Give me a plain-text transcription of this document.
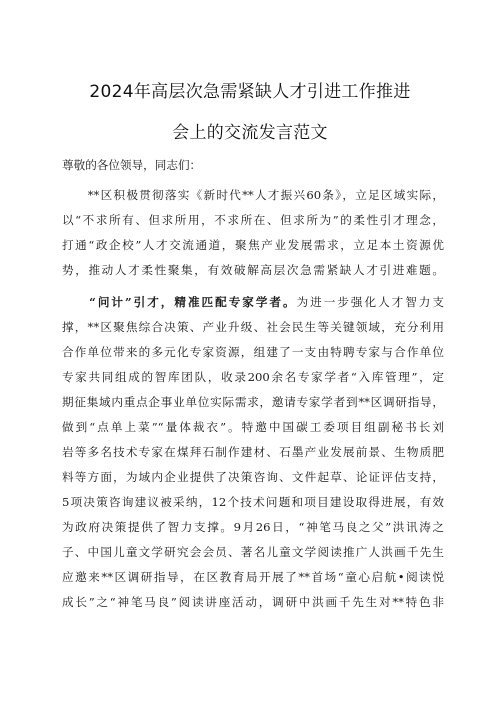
2024年高层次急需紧缺人才引进工作推进
会上的交流发言范文
尊敬的各位领导，同志们：
　　**区积极贯彻落实《新时代**人才振兴60条》，立足区域实际，
以“不求所有、但求所用，不求所在、但求所为”的柔性引才理念，
打通“政企校”人才交流通道，聚焦产业发展需求，立足本土资源优
势，推动人才柔性聚集，有效破解高层次急需紧缺人才引进难题。
　　“问计”引才，精准匹配专家学者。为进一步强化人才智力支
撑，**区聚焦综合决策、产业升级、社会民生等关键领域，充分利用
合作单位带来的多元化专家资源，组建了一支由特聘专家与合作单位
专家共同组成的智库团队，收录200余名专家学者“入库管理”，定
期征集域内重点企事业单位实际需求，邀请专家学者到**区调研指导，
做到“点单上菜”“量体裁衣”。特邀中国碳工委项目组副秘书长刘
岩等多名技术专家在煤拜石制作建材、石墨产业发展前景、生物质肥
料等方面，为域内企业提供了决策咨询、文件起草、论证评估支持，
5项决策咨询建议被采纳，12个技术问题和项目建设取得进展，有效
为政府决策提供了智力支撑。9月26日，“神笔马良之父”洪讯涛之
子、中国儿童文学研究会会员、著名儿童文学阅读推广人洪画千先生
应邀来**区调研指导，在区教育局开展了**首场“童心启航•阅读悦
成长”之“神笔马良”阅读讲座活动，调研中洪画千先生对**特色非
